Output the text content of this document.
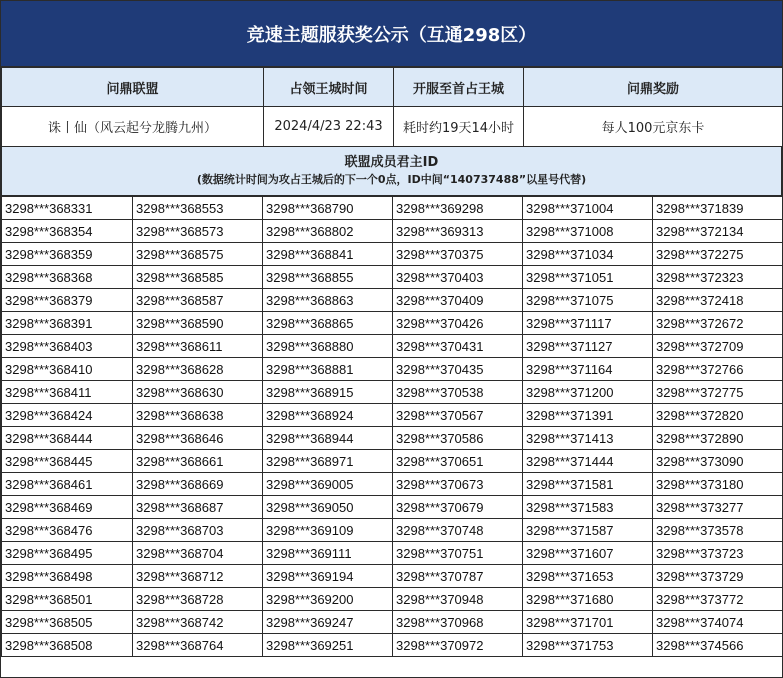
竞速主题服获奖公示（互通298区）
问鼎联盟	占领王城时间	开服至首占王城	问鼎奖励
诛丨仙（风云起兮龙腾九州）	2024/4/23 22:43	耗时约19天14小时	每人100元京东卡
联盟成员君主ID
(数据统计时间为攻占王城后的下一个0点，ID中间“140737488”以星号代替)
3298***368331	3298***368553	3298***368790	3298***369298	3298***371004	3298***371839
3298***368354	3298***368573	3298***368802	3298***369313	3298***371008	3298***372134
3298***368359	3298***368575	3298***368841	3298***370375	3298***371034	3298***372275
3298***368368	3298***368585	3298***368855	3298***370403	3298***371051	3298***372323
3298***368379	3298***368587	3298***368863	3298***370409	3298***371075	3298***372418
3298***368391	3298***368590	3298***368865	3298***370426	3298***371117	3298***372672
3298***368403	3298***368611	3298***368880	3298***370431	3298***371127	3298***372709
3298***368410	3298***368628	3298***368881	3298***370435	3298***371164	3298***372766
3298***368411	3298***368630	3298***368915	3298***370538	3298***371200	3298***372775
3298***368424	3298***368638	3298***368924	3298***370567	3298***371391	3298***372820
3298***368444	3298***368646	3298***368944	3298***370586	3298***371413	3298***372890
3298***368445	3298***368661	3298***368971	3298***370651	3298***371444	3298***373090
3298***368461	3298***368669	3298***369005	3298***370673	3298***371581	3298***373180
3298***368469	3298***368687	3298***369050	3298***370679	3298***371583	3298***373277
3298***368476	3298***368703	3298***369109	3298***370748	3298***371587	3298***373578
3298***368495	3298***368704	3298***369111	3298***370751	3298***371607	3298***373723
3298***368498	3298***368712	3298***369194	3298***370787	3298***371653	3298***373729
3298***368501	3298***368728	3298***369200	3298***370948	3298***371680	3298***373772
3298***368505	3298***368742	3298***369247	3298***370968	3298***371701	3298***374074
3298***368508	3298***368764	3298***369251	3298***370972	3298***371753	3298***374566
